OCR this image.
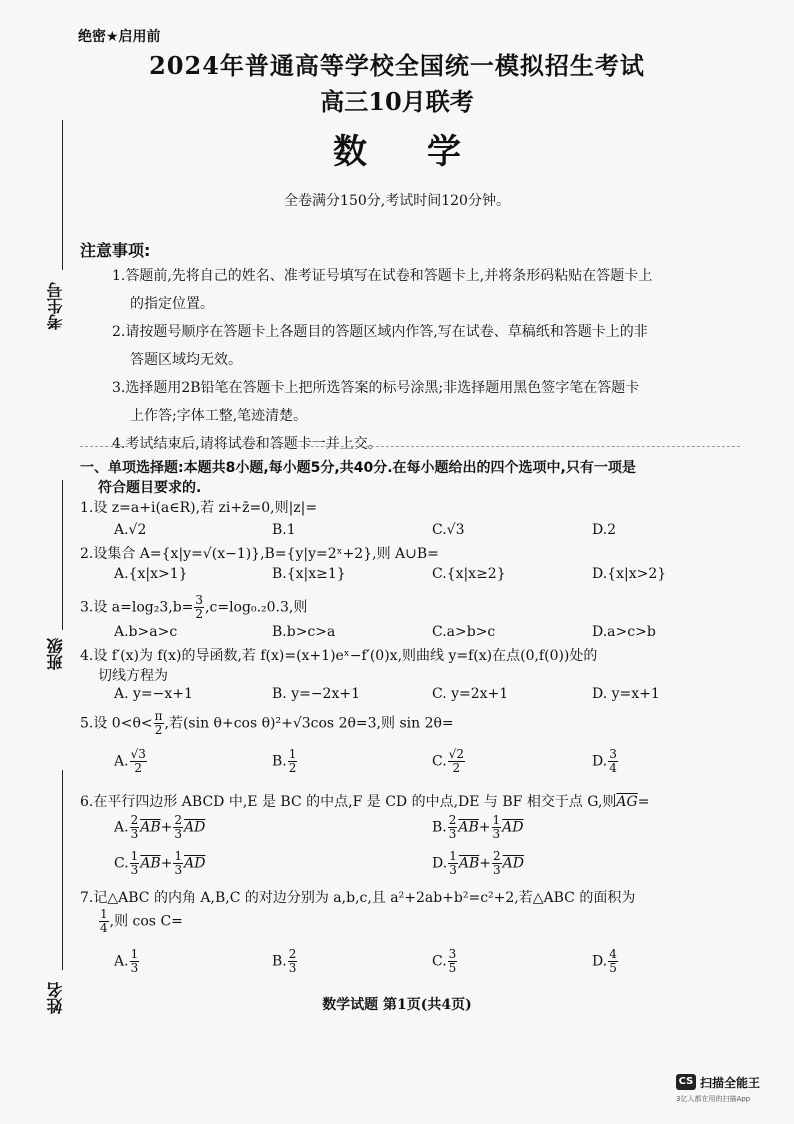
绝密★启用前
2024年普通高等学校全国统一模拟招生考试
高三10月联考
数学
全卷满分150分,考试时间120分钟。
考生号
班级
姓名
注意事项:
1.答题前,先将自己的姓名、准考证号填写在试卷和答题卡上,并将条形码粘贴在答题卡上
的指定位置。
2.请按题号顺序在答题卡上各题目的答题区域内作答,写在试卷、草稿纸和答题卡上的非
答题区域均无效。
3.选择题用2B铅笔在答题卡上把所选答案的标号涂黑;非选择题用黑色签字笔在答题卡
上作答;字体工整,笔迹清楚。
4.考试结束后,请将试卷和答题卡一并上交。
一、单项选择题:本题共8小题,每小题5分,共40分.在每小题给出的四个选项中,只有一项是
符合题目要求的.
1.设 z=a+i(a∈R),若 zi+z̄=0,则|z|=
A.√2	B.1	C.√3	D.2
2.设集合 A={x|y=√(x−1)},B={y|y=2ˣ+2},则 A∪B=
A.{x|x>1}	B.{x|x≥1}	C.{x|x≥2}	D.{x|x>2}
3.设 $a=\log_23,b= \frac{3}{2} ,c=\log_0._20.3$,则
A.b>a>c	B.b>c>a	C.a>b>c	D.a>c>b
4.设 f′(x)为 f(x)的导函数,若 f(x)=(x+1)eˣ−f′(0)x,则曲线 y=f(x)在点(0,f(0))处的
切线方程为
A. y=−x+1	B. y=−2x+1	C. y=2x+1	D. y=x+1
5.设 $0<\theta< \frac{\pi}{2}$ ,若(sin θ+cos θ)²+√3cos 2θ=3,则 sin 2θ=
A. $\frac{√3}{2}$	B. $\frac{1}{2}$	C. $\frac{√2}{2}$	D. $\frac{3}{4}$
6.在平行四边形 ABCD 中,E 是 BC 的中点,F 是 CD 的中点,DE 与 BF 相交于点 G,则$\overline{AG}=$
A. $\frac{2}{3} \overline{AB}+ \frac{2}{3} \overline{AD}$	B. $\frac{2}{3} \overline{AB}+ \frac{1}{3} \overline{AD}$
C. $\frac{1}{3} \overline{AB}+ \frac{1}{3} \overline{AD}$	D. $\frac{1}{3} \overline{AB}+ \frac{2}{3} \overline{AD}$
7.记△ABC 的内角 A,B,C 的对边分别为 a,b,c,且 a²+2ab+b²=c²+2,若△ABC 的面积为
$\frac{1}{4}$ ,则 cos C=
A. $\frac{1}{3}$	B. $\frac{2}{3}$	C. $\frac{3}{5}$	D. $\frac{4}{5}$
数学试题 第1页(共4页)
CS 扫描全能王
3亿人都在用的扫描App
